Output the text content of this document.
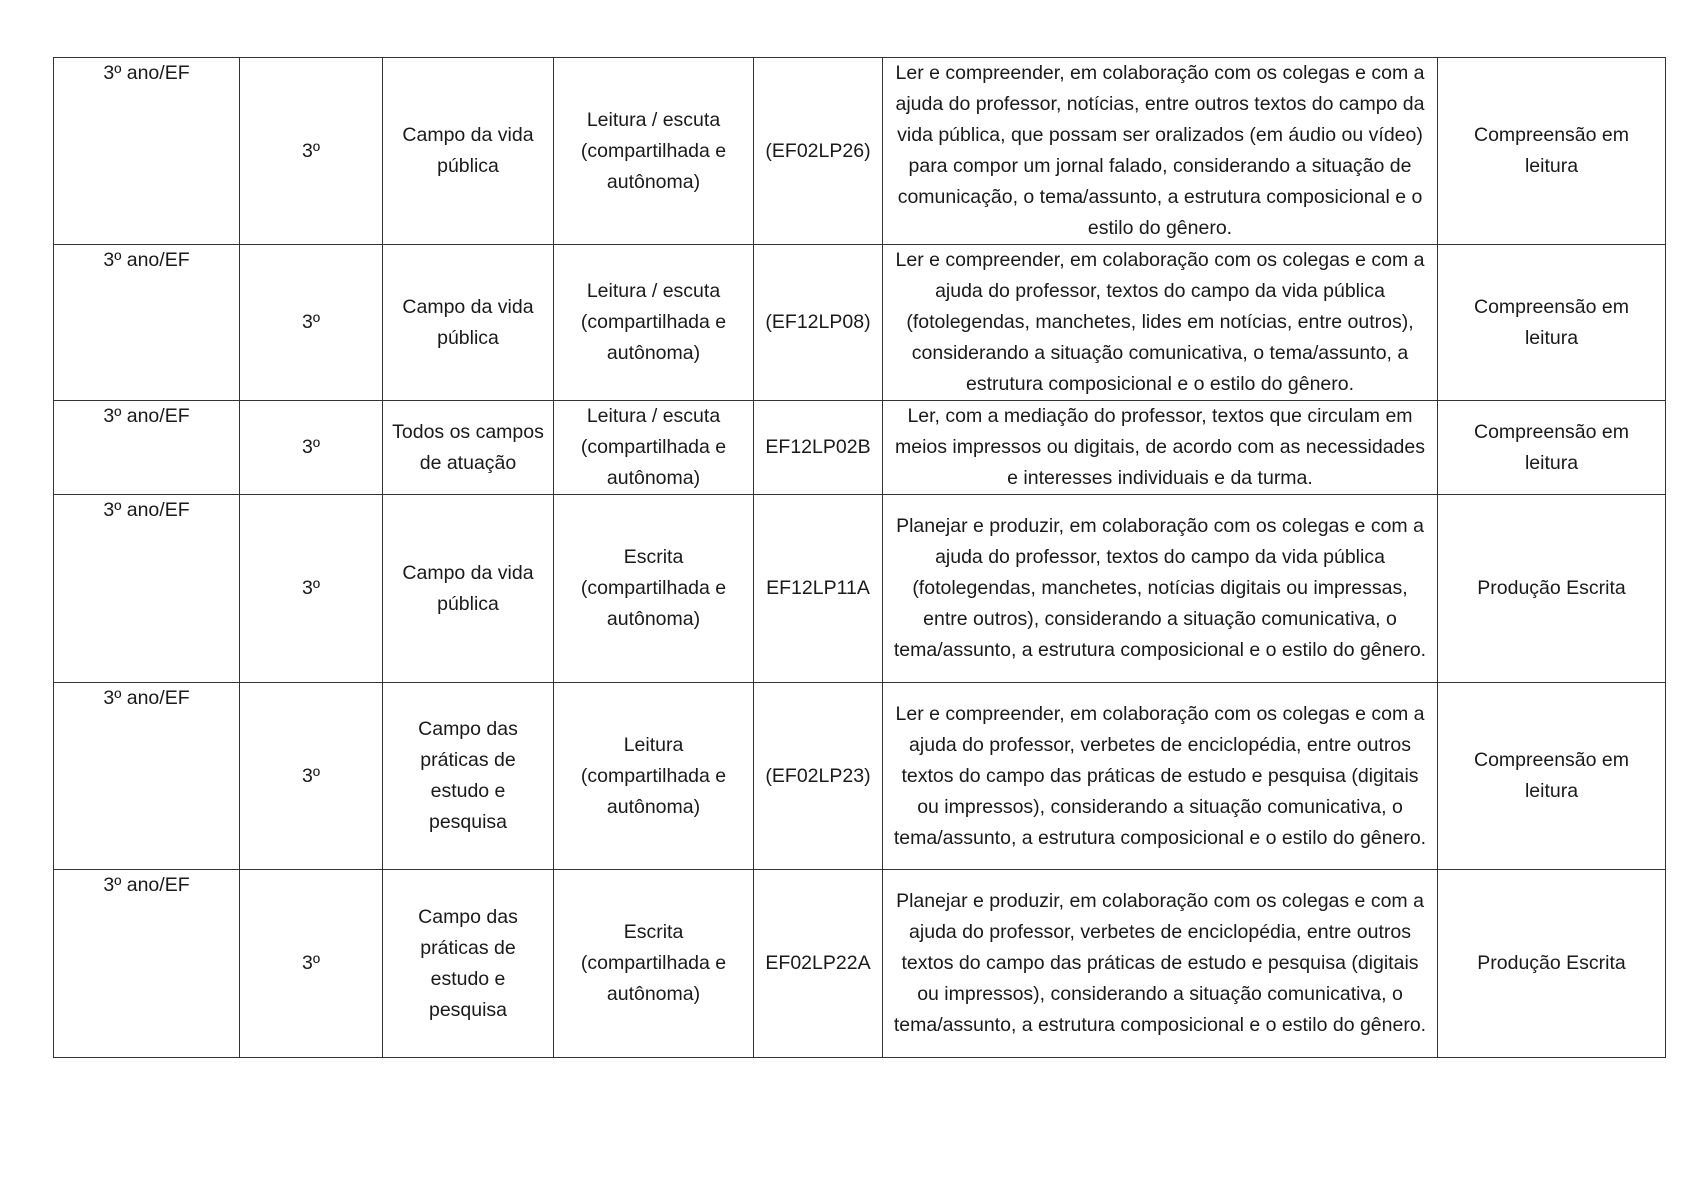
3º ano/EF	3º	Campo da vida pública	Leitura / escuta (compartilhada e autônoma)	(EF02LP26)	Ler e compreender, em colaboração com os colegas e com a ajuda do professor, notícias, entre outros textos do campo da vida pública, que possam ser oralizados (em áudio ou vídeo) para compor um jornal falado, considerando a situação de comunicação, o tema/assunto, a estrutura composicional e o estilo do gênero.	Compreensão em leitura
3º ano/EF	3º	Campo da vida pública	Leitura / escuta (compartilhada e autônoma)	(EF12LP08)	Ler e compreender, em colaboração com os colegas e com a ajuda do professor, textos do campo da vida pública (fotolegendas, manchetes, lides em notícias, entre outros), considerando a situação comunicativa, o tema/assunto, a estrutura composicional e o estilo do gênero.	Compreensão em leitura
3º ano/EF	3º	Todos os campos de atuação	Leitura / escuta (compartilhada e autônoma)	EF12LP02B	Ler, com a mediação do professor, textos que circulam em meios impressos ou digitais, de acordo com as necessidades e interesses individuais e da turma.	Compreensão em leitura
3º ano/EF	3º	Campo da vida pública	Escrita (compartilhada e autônoma)	EF12LP11A	Planejar e produzir, em colaboração com os colegas e com a ajuda do professor, textos do campo da vida pública (fotolegendas, manchetes, notícias digitais ou impressas, entre outros), considerando a situação comunicativa, o tema/assunto, a estrutura composicional e o estilo do gênero.	Produção Escrita
3º ano/EF	3º	Campo das práticas de estudo e pesquisa	Leitura (compartilhada e autônoma)	(EF02LP23)	Ler e compreender, em colaboração com os colegas e com a ajuda do professor, verbetes de enciclopédia, entre outros textos do campo das práticas de estudo e pesquisa (digitais ou impressos), considerando a situação comunicativa, o tema/assunto, a estrutura composicional e o estilo do gênero.	Compreensão em leitura
3º ano/EF	3º	Campo das práticas de estudo e pesquisa	Escrita (compartilhada e autônoma)	EF02LP22A	Planejar e produzir, em colaboração com os colegas e com a ajuda do professor, verbetes de enciclopédia, entre outros textos do campo das práticas de estudo e pesquisa (digitais ou impressos), considerando a situação comunicativa, o tema/assunto, a estrutura composicional e o estilo do gênero.	Produção Escrita
